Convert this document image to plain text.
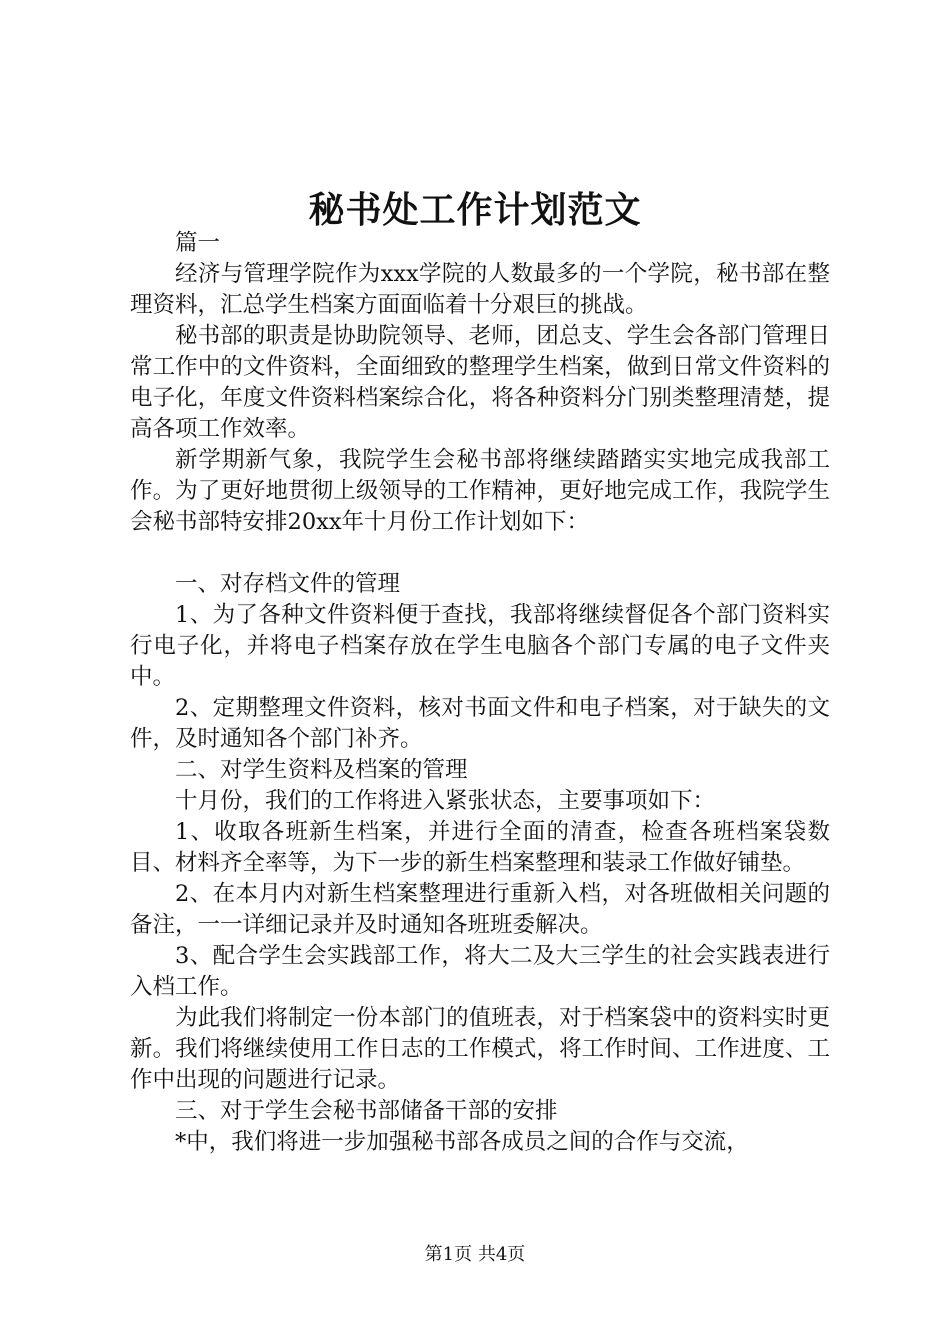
秘书处工作计划范文

篇一

经济与管理学院作为xxx学院的人数最多的一个学院，秘书部在整理资料，汇总学生档案方面面临着十分艰巨的挑战。

秘书部的职责是协助院领导、老师，团总支、学生会各部门管理日常工作中的文件资料，全面细致的整理学生档案，做到日常文件资料的电子化，年度文件资料档案综合化，将各种资料分门别类整理清楚，提高各项工作效率。

新学期新气象，我院学生会秘书部将继续踏踏实实地完成我部工作。为了更好地贯彻上级领导的工作精神，更好地完成工作，我院学生会秘书部特安排20xx年十月份工作计划如下：

一、对存档文件的管理

1、为了各种文件资料便于查找，我部将继续督促各个部门资料实行电子化，并将电子档案存放在学生电脑各个部门专属的电子文件夹中。

2、定期整理文件资料，核对书面文件和电子档案，对于缺失的文件，及时通知各个部门补齐。

二、对学生资料及档案的管理

十月份，我们的工作将进入紧张状态，主要事项如下：

1、收取各班新生档案，并进行全面的清查，检查各班档案袋数目、材料齐全率等，为下一步的新生档案整理和装录工作做好铺垫。

2、在本月内对新生档案整理进行重新入档，对各班做相关问题的备注，一一详细记录并及时通知各班班委解决。

3、配合学生会实践部工作，将大二及大三学生的社会实践表进行入档工作。

为此我们将制定一份本部门的值班表，对于档案袋中的资料实时更新。我们将继续使用工作日志的工作模式，将工作时间、工作进度、工作中出现的问题进行记录。

三、对于学生会秘书部储备干部的安排

*中，我们将进一步加强秘书部各成员之间的合作与交流，

第1页 共4页
